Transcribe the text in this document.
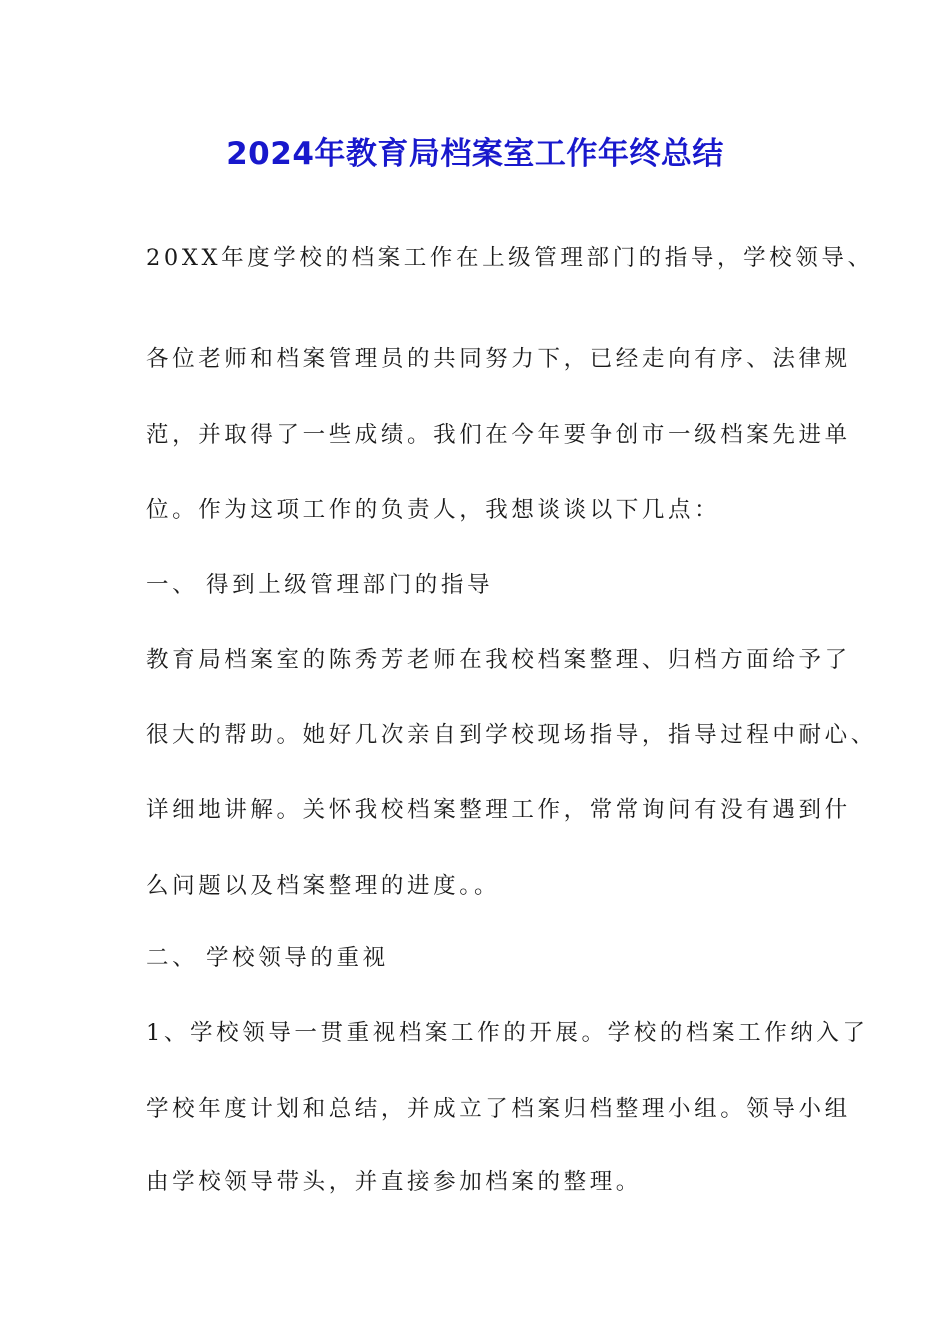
2024年教育局档案室工作年终总结
20XX年度学校的档案工作在上级管理部门的指导，学校领导、
各位老师和档案管理员的共同努力下，已经走向有序、法律规
范，并取得了一些成绩。我们在今年要争创市一级档案先进单
位。作为这项工作的负责人，我想谈谈以下几点：
一、 得到上级管理部门的指导
教育局档案室的陈秀芳老师在我校档案整理、归档方面给予了
很大的帮助。她好几次亲自到学校现场指导，指导过程中耐心、
详细地讲解。关怀我校档案整理工作，常常询问有没有遇到什
么问题以及档案整理的进度。。
二、 学校领导的重视
1、学校领导一贯重视档案工作的开展。学校的档案工作纳入了
学校年度计划和总结，并成立了档案归档整理小组。领导小组
由学校领导带头，并直接参加档案的整理。
